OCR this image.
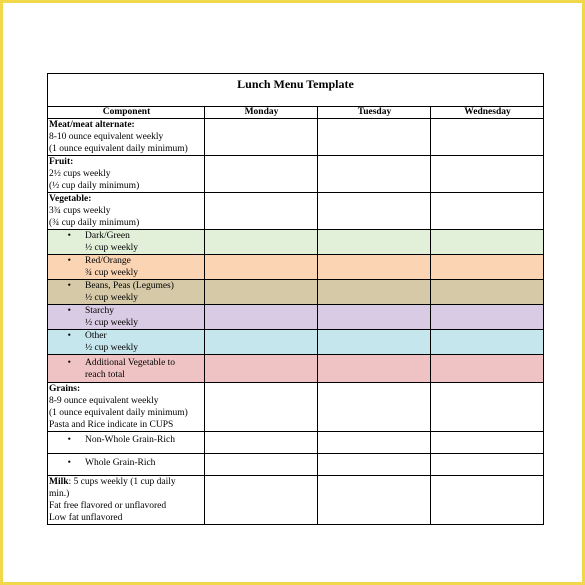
Lunch Menu Template
Component	Monday	Tuesday	Wednesday

Meat/meat alternate:
8-10 ounce equivalent weekly
(1 ounce equivalent daily minimum)			

Fruit:
2½ cups weekly
(½ cup daily minimum)			

Vegetable:
3¾ cups weekly
(¾ cup daily minimum)			

• Dark/Green
½ cup weekly			

• Red/Orange
¾ cup weekly			

• Beans, Peas (Legumes)
½ cup weekly			

• Starchy
½ cup weekly			

• Other
½ cup weekly			

• Additional Vegetable to
reach total			

Grains:
8-9 ounce equivalent weekly
(1 ounce equivalent daily minimum)
Pasta and Rice indicate in CUPS			

• Non-Whole Grain-Rich			

• Whole Grain-Rich			

Milk: 5 cups weekly (1 cup daily
min.)
Fat free flavored or unflavored
Low fat unflavored			
